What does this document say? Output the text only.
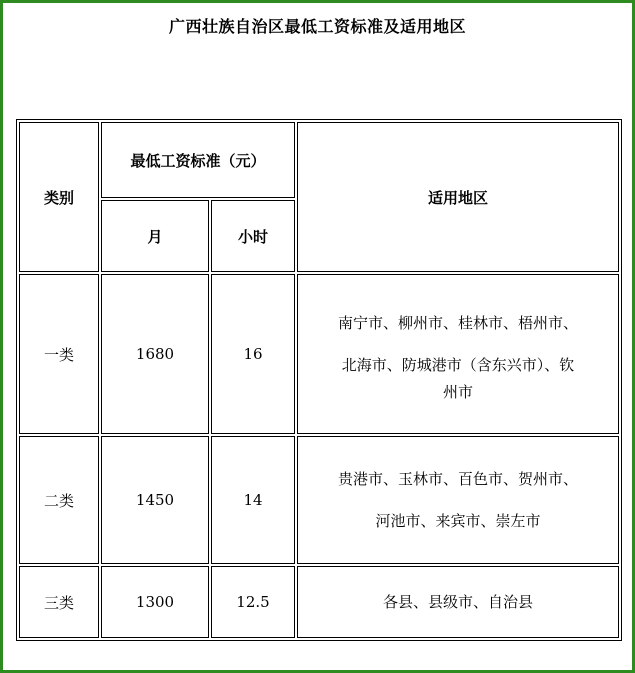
广西壮族自治区最低工资标准及适用地区
类别	最低工资标准（元）		适用地区
	月	小时	
一类	1680	16	南宁市、柳州市、桂林市、梧州市、
北海市、防城港市（含东兴市）、钦
州市

二类	1450	14	贵港市、玉林市、百色市、贺州市、
河池市、来宾市、崇左市

三类	1300	12.5	各县、县级市、自治县
